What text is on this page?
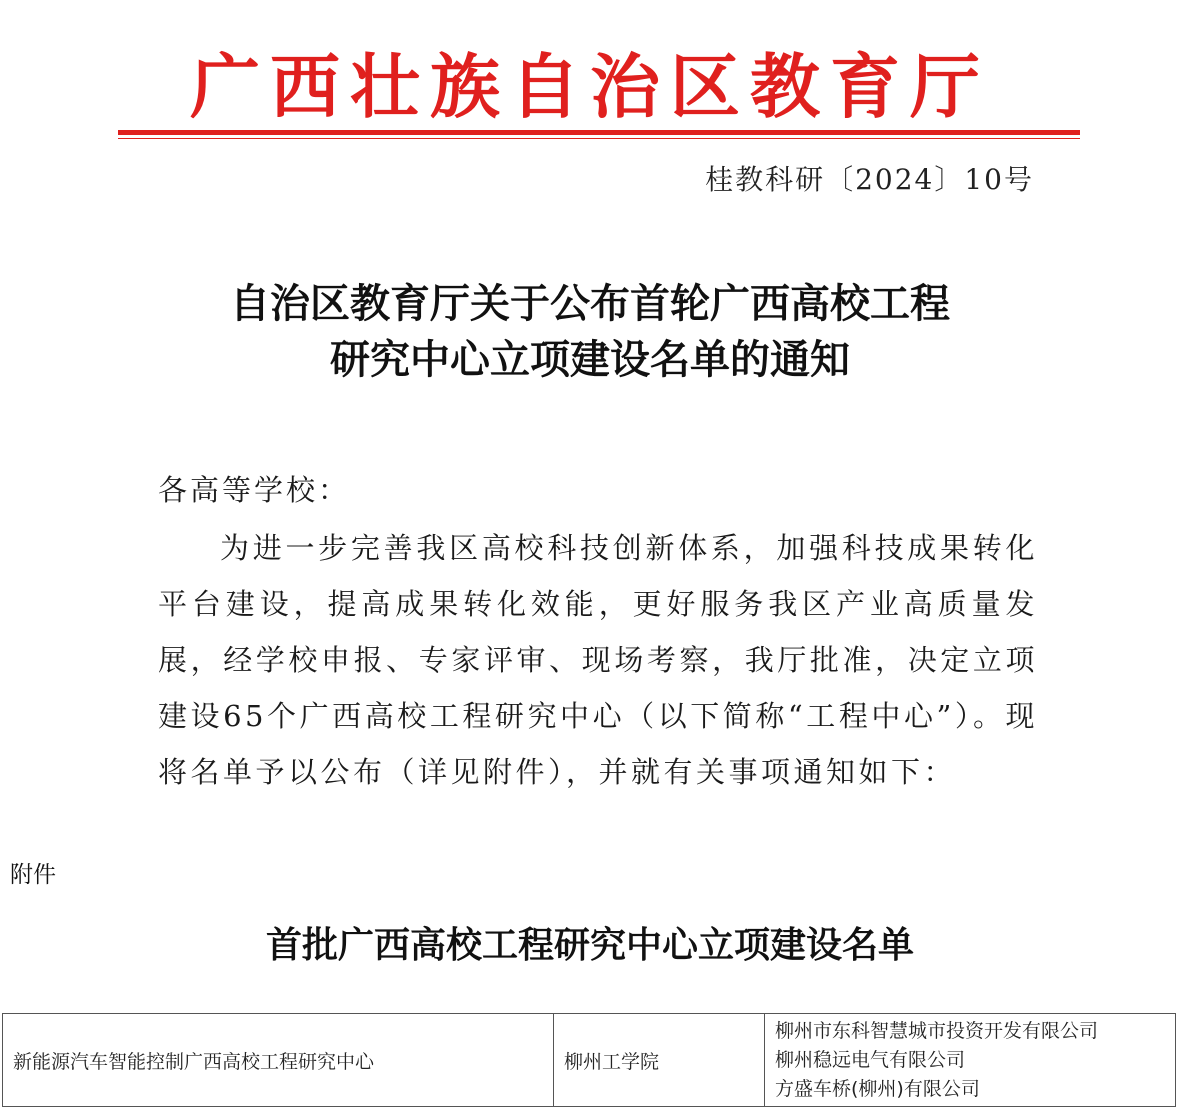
广西壮族自治区教育厅
桂教科研〔2024〕10号
自治区教育厅关于公布首轮广西高校工程
研究中心立项建设名单的通知
各高等学校：
为进一步完善我区高校科技创新体系，加强科技成果转化平台建设，提高成果转化效能，更好服务我区产业高质量发展，经学校申报、专家评审、现场考察，我厅批准，决定立项建设65个广西高校工程研究中心（以下简称“工程中心”）。现将名单予以公布（详见附件），并就有关事项通知如下：
附件
首批广西高校工程研究中心立项建设名单
新能源汽车智能控制广西高校工程研究中心	柳州工学院	
柳州市东科智慧城市投资开发有限公司
柳州稳远电气有限公司
方盛车桥(柳州)有限公司
